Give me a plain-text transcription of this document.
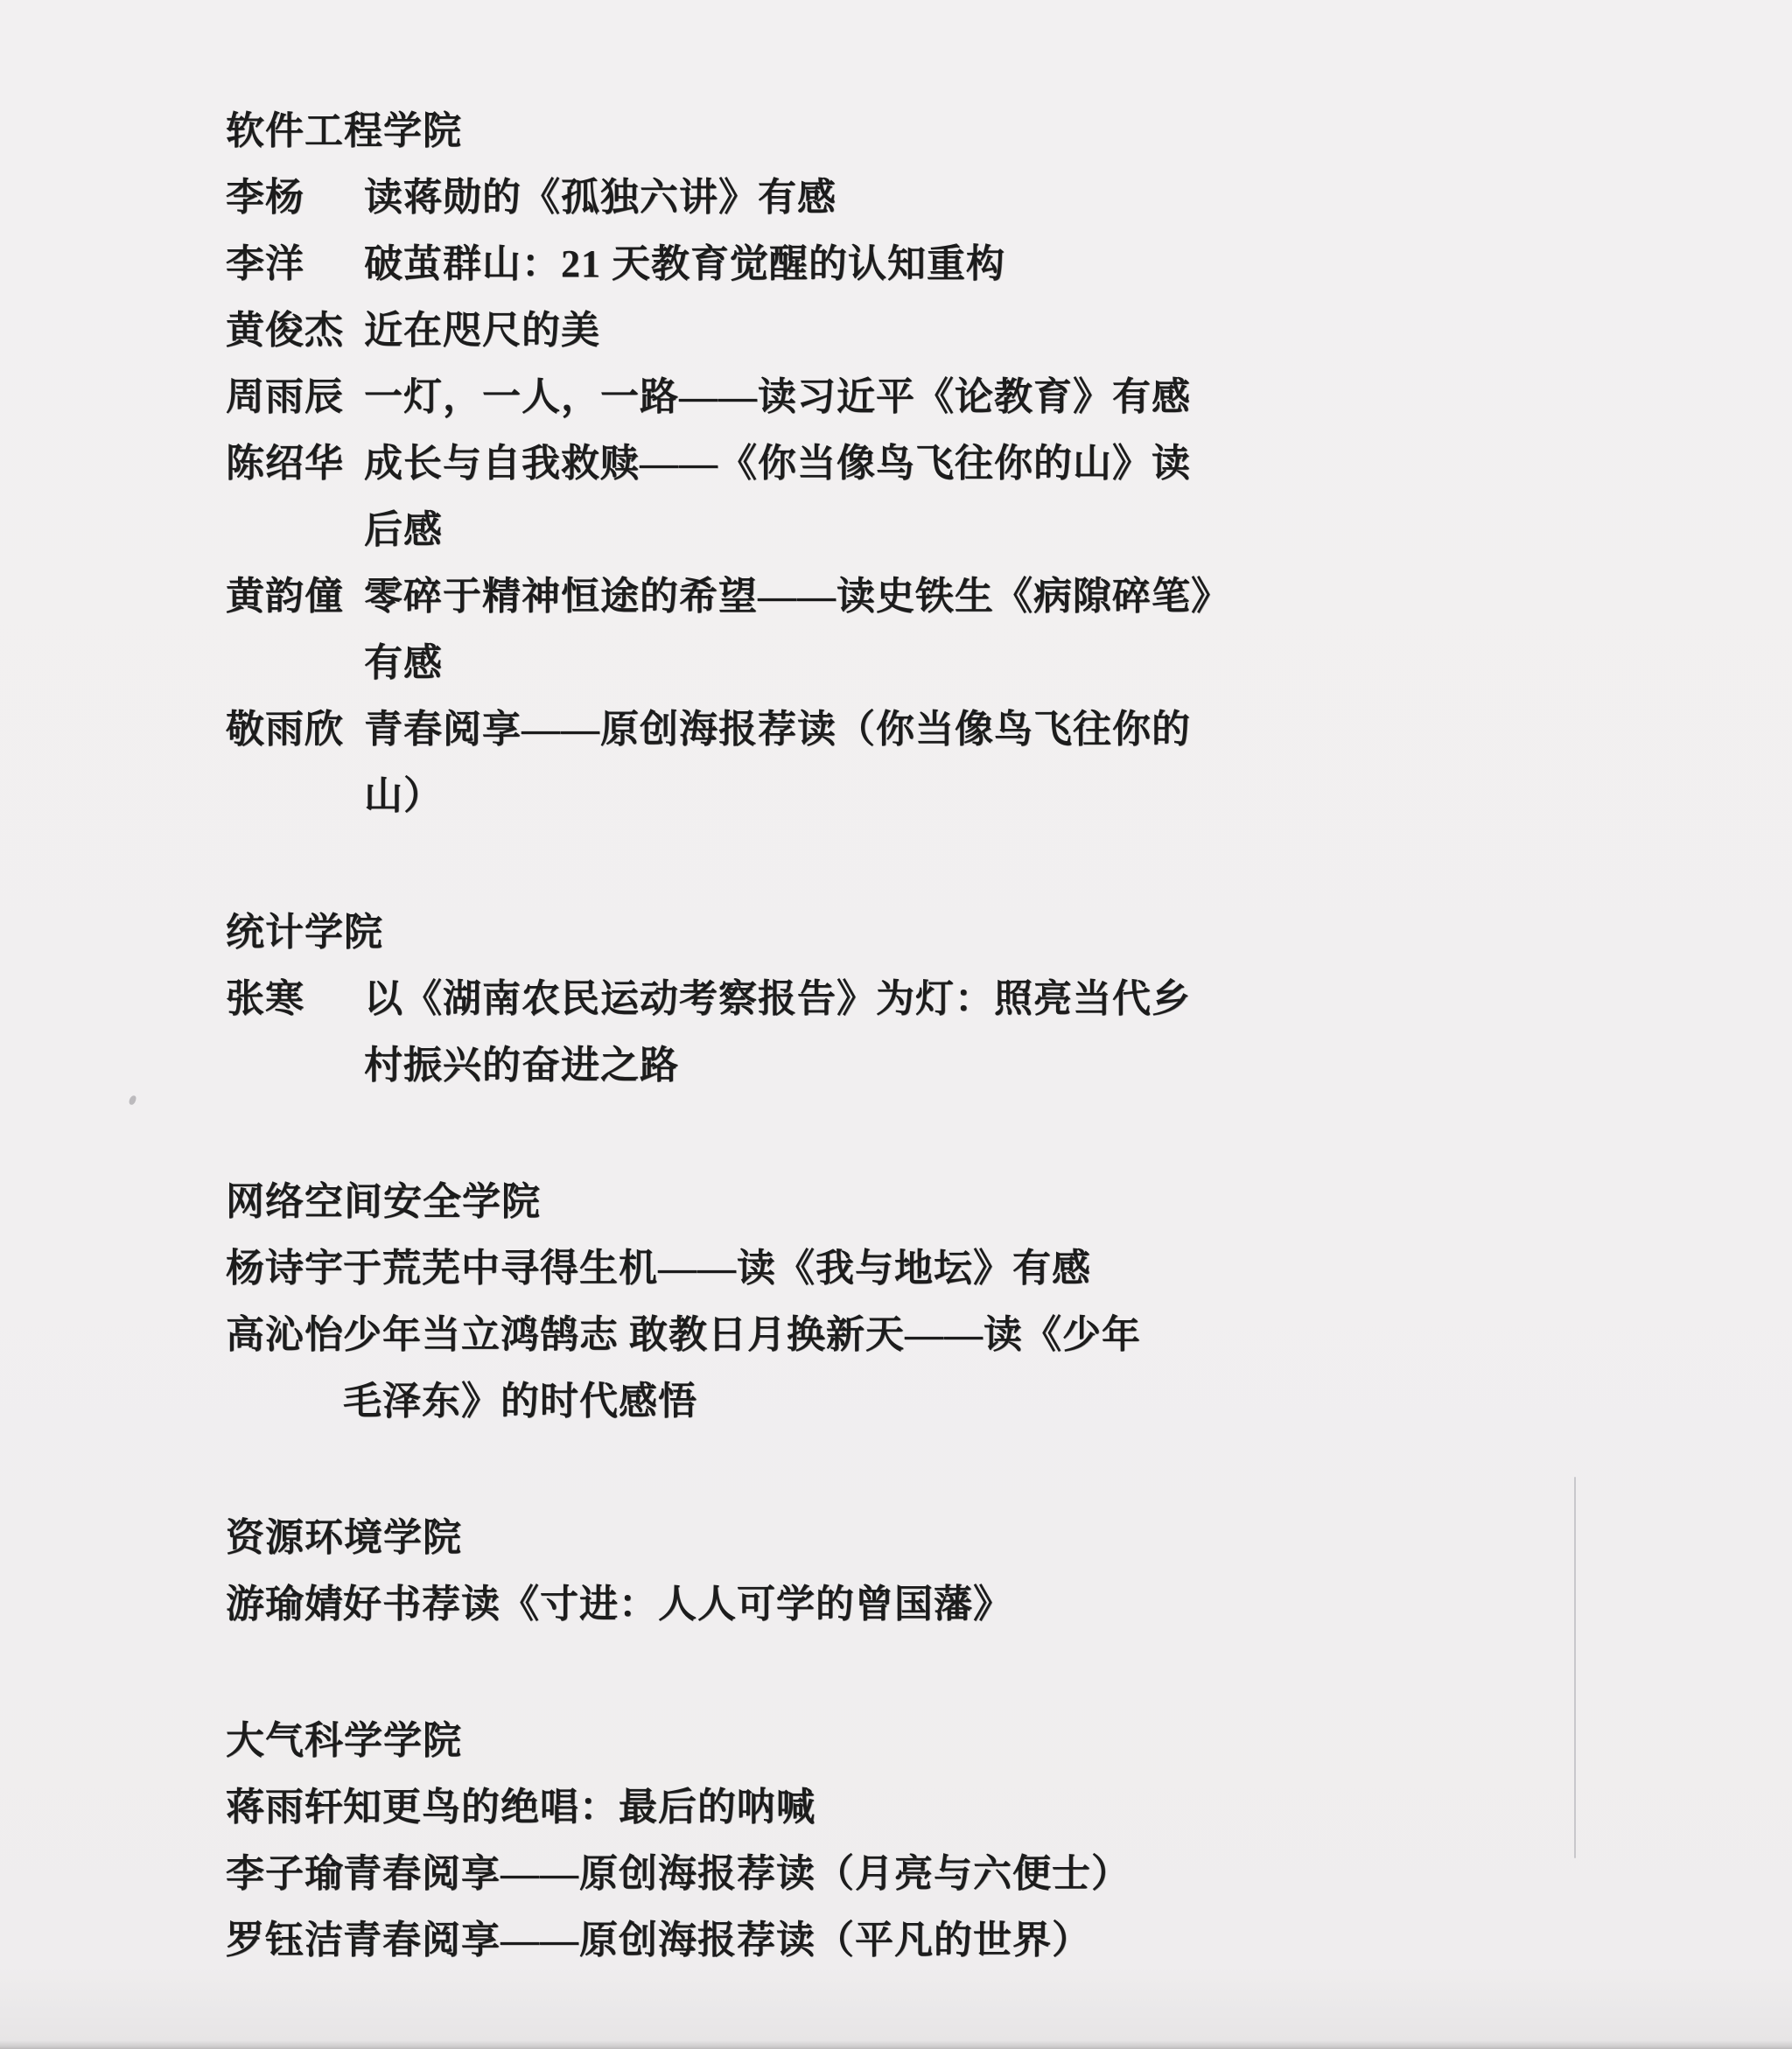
软件工程学院
李杨	读蒋勋的《孤独六讲》有感
李洋	破茧群山：21 天教育觉醒的认知重构
黄俊杰 近在咫尺的美
周雨辰 一灯，一人，一路——读习近平《论教育》有感
陈绍华 成长与自我救赎——《你当像鸟飞往你的山》读
后感
黄韵僮 零碎于精神恒途的希望——读史铁生《病隙碎笔》
有感
敬雨欣 青春阅享——原创海报荐读（你当像鸟飞往你的
山）
统计学院
张寒	以《湖南农民运动考察报告》为灯：照亮当代乡
村振兴的奋进之路
网络空间安全学院
杨诗宇 于荒芜中寻得生机——读《我与地坛》有感
高沁怡 少年当立鸿鹄志 敢教日月换新天——读《少年
毛泽东》的时代感悟
资源环境学院
游瑜婧 好书荐读《寸进：人人可学的曾国藩》
大气科学学院
蒋雨轩 知更鸟的绝唱：最后的呐喊
李子瑜 青春阅享——原创海报荐读（月亮与六便士）
罗钰洁 青春阅享——原创海报荐读（平凡的世界）
